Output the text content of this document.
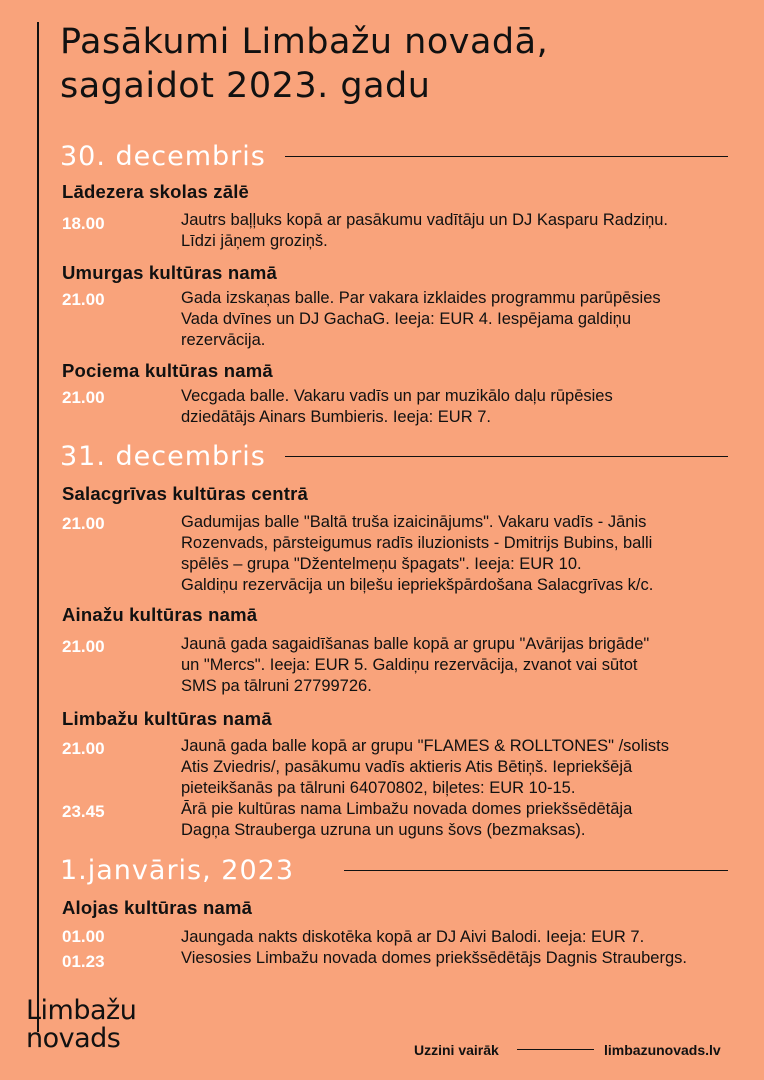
Pasākumi Limbažu novadā,
sagaidot 2023. gadu
30. decembris
Lādezera skolas zālē
18.00	Jautrs baļļuks kopā ar pasākumu vadītāju un DJ Kasparu Radziņu.
Līdzi jāņem groziņš.
Umurgas kultūras namā
21.00	Gada izskaņas balle. Par vakara izklaides programmu parūpēsies
Vada dvīnes un DJ GachaG. Ieeja: EUR 4. Iespējama galdiņu
rezervācija.
Pociema kultūras namā
21.00	Vecgada balle. Vakaru vadīs un par muzikālo daļu rūpēsies
dziedātājs Ainars Bumbieris. Ieeja: EUR 7.
31. decembris
Salacgrīvas kultūras centrā
21.00	Gadumijas balle "Baltā truša izaicinājums". Vakaru vadīs - Jānis
Rozenvads, pārsteigumus radīs iluzionists - Dmitrijs Bubins, balli
spēlēs – grupa "Džentelmeņu špagats". Ieeja: EUR 10.
Galdiņu rezervācija un biļešu iepriekšpārdošana Salacgrīvas k/c.
Ainažu kultūras namā
21.00	Jaunā gada sagaidīšanas balle kopā ar grupu "Avārijas brigāde"
un "Mercs". Ieeja: EUR 5. Galdiņu rezervācija, zvanot vai sūtot
SMS pa tālruni 27799726.
Limbažu kultūras namā
21.00	Jaunā gada balle kopā ar grupu "FLAMES & ROLLTONES" /solists
Atis Zviedris/, pasākumu vadīs aktieris Atis Bētiņš. Iepriekšējā
pieteikšanās pa tālruni 64070802, biļetes: EUR 10-15.
23.45	Ārā pie kultūras nama Limbažu novada domes priekšsēdētāja
Dagņa Strauberga uzruna un uguns šovs (bezmaksas).
1.janvāris, 2023
Alojas kultūras namā
01.00	Jaungada nakts diskotēka kopā ar DJ Aivi Balodi. Ieeja: EUR 7.
01.23	Viesosies Limbažu novada domes priekšsēdētājs Dagnis Straubergs.
Limbažu
novads	Uzzini vairāk	limbazunovads.lv
